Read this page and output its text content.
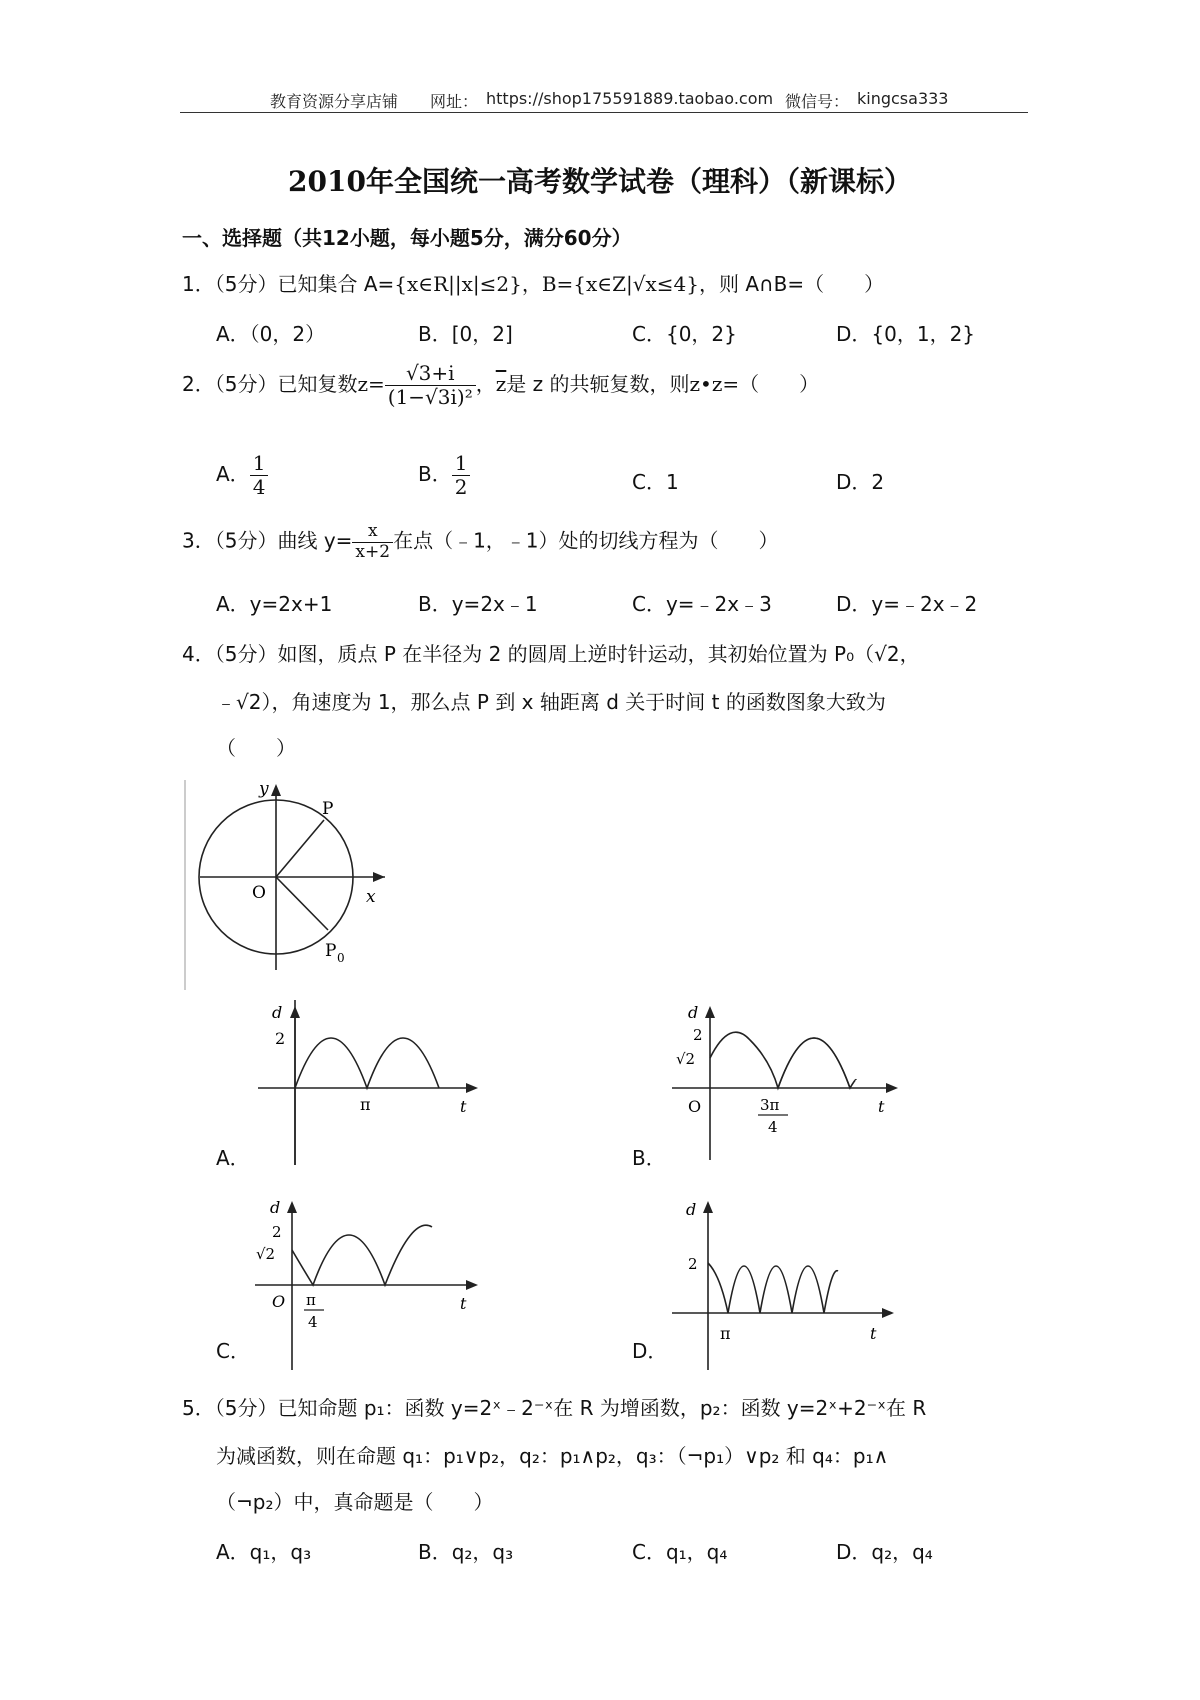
教育资源分享店铺 网址： https://shop175591889.taobao.com 微信号： kingcsa333
2010年全国统一高考数学试卷（理科）（新课标）
一、选择题（共12小题，每小题5分，满分60分）
1．（5分）已知集合 A={x∈R||x|≤2}，B={x∈Z|√x≤4}，则 A∩B=（　　）
A．（0，2）	B．[0，2]	C．{0，2}	D．{0，1，2}
2．（5分）已知复数$z= \frac{√3+i}{\text{(1−√3i)²}}$ ，$\overline{z}$是 z 的共轭复数，则z•z=（　　）
A． $\frac{1}{4}$	B． $\frac{1}{2}$	C．1	D．2
3．（5分）曲线 $y= \frac{x}{x+2}$ 在点（﹣1，﹣1）处的切线方程为（　　）
A．y=2x+1	B．y=2x﹣1	C．y=﹣2x﹣3	D．y=﹣2x﹣2
4．（5分）如图，质点 P 在半径为 2 的圆周上逆时针运动，其初始位置为 P₀（√2，
﹣√2），角速度为 1，那么点 P 到 x 轴距离 d 关于时间 t 的函数图象大致为
（　　）
y
x
O
P
P 0
A．
d
2
π	t
B．
d
2
√2
O	3π
4
t
C．
d
2
√2
O π
4
t
D．
d
2
π	t
5．（5分）已知命题 p₁：函数 y=2ˣ﹣2⁻ˣ在 R 为增函数，p₂：函数 y=2ˣ+2⁻ˣ在 R
为减函数，则在命题 q₁：p₁∨p₂，q₂：p₁∧p₂，q₃：（¬p₁）∨p₂ 和 q₄：p₁∧
（¬p₂）中，真命题是（　　）
A．q₁，q₃	B．q₂，q₃	C．q₁，q₄	D．q₂，q₄
